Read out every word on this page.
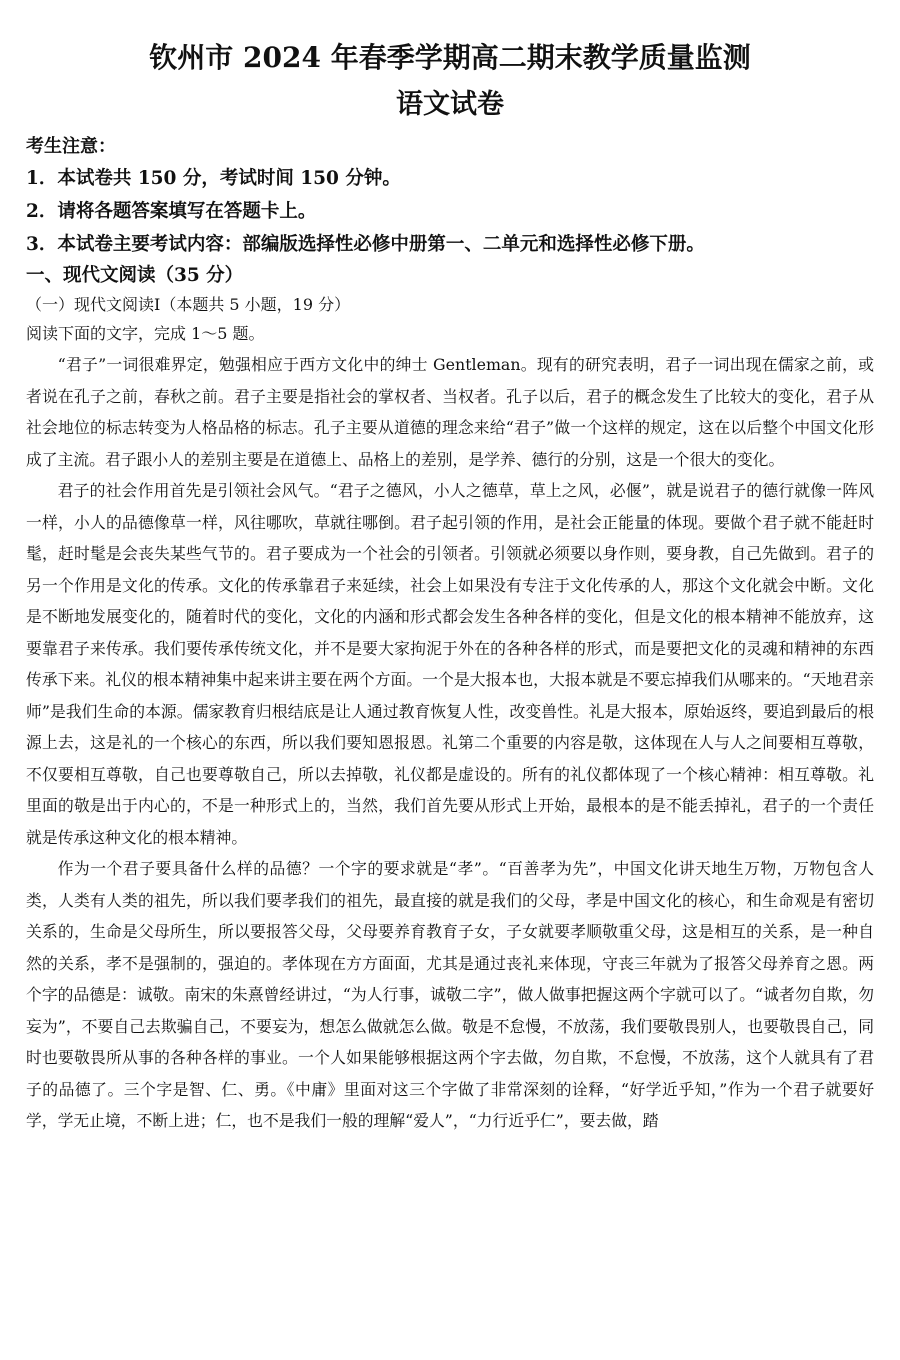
钦州市 2024 年春季学期高二期末教学质量监测
语文试卷
考生注意：
1．本试卷共 150 分，考试时间 150 分钟。
2．请将各题答案填写在答题卡上。
3．本试卷主要考试内容：部编版选择性必修中册第一、二单元和选择性必修下册。
一、现代文阅读（35 分）
（一）现代文阅读Ⅰ（本题共 5 小题，19 分）
阅读下面的文字，完成 1～5 题。

“君子”一词很难界定，勉强相应于西方文化中的绅士 Gentleman。现有的研究表明，君子一词出现在儒家之前，或者说在孔子之前，春秋之前。君子主要是指社会的掌权者、当权者。孔子以后，君子的概念发生了比较大的变化，君子从社会地位的标志转变为人格品格的标志。孔子主要从道德的理念来给“君子”做一个这样的规定，这在以后整个中国文化形成了主流。君子跟小人的差别主要是在道德上、品格上的差别，是学养、德行的分别，这是一个很大的变化。

君子的社会作用首先是引领社会风气。“君子之德风，小人之德草，草上之风，必偃”，就是说君子的德行就像一阵风一样，小人的品德像草一样，风往哪吹，草就往哪倒。君子起引领的作用，是社会正能量的体现。要做个君子就不能赶时髦，赶时髦是会丧失某些气节的。君子要成为一个社会的引领者。引领就必须要以身作则，要身教，自己先做到。君子的另一个作用是文化的传承。文化的传承靠君子来延续，社会上如果没有专注于文化传承的人，那这个文化就会中断。文化是不断地发展变化的，随着时代的变化，文化的内涵和形式都会发生各种各样的变化，但是文化的根本精神不能放弃，这要靠君子来传承。我们要传承传统文化，并不是要大家拘泥于外在的各种各样的形式，而是要把文化的灵魂和精神的东西传承下来。礼仪的根本精神集中起来讲主要在两个方面。一个是大报本也，大报本就是不要忘掉我们从哪来的。“天地君亲师”是我们生命的本源。儒家教育归根结底是让人通过教育恢复人性，改变兽性。礼是大报本，原始返终，要追到最后的根源上去，这是礼的一个核心的东西，所以我们要知恩报恩。礼第二个重要的内容是敬，这体现在人与人之间要相互尊敬，不仅要相互尊敬，自己也要尊敬自己，所以去掉敬，礼仪都是虚设的。所有的礼仪都体现了一个核心精神：相互尊敬。礼里面的敬是出于内心的，不是一种形式上的，当然，我们首先要从形式上开始，最根本的是不能丢掉礼，君子的一个责任就是传承这种文化的根本精神。

作为一个君子要具备什么样的品德？一个字的要求就是“孝”。“百善孝为先”，中国文化讲天地生万物，万物包含人类，人类有人类的祖先，所以我们要孝我们的祖先，最直接的就是我们的父母，孝是中国文化的核心，和生命观是有密切关系的，生命是父母所生，所以要报答父母，父母要养育教育子女，子女就要孝顺敬重父母，这是相互的关系，是一种自然的关系，孝不是强制的，强迫的。孝体现在方方面面，尤其是通过丧礼来体现，守丧三年就为了报答父母养育之恩。两个字的品德是：诚敬。南宋的朱熹曾经讲过，“为人行事，诚敬二字”，做人做事把握这两个字就可以了。“诚者勿自欺，勿妄为”，不要自己去欺骗自己，不要妄为，想怎么做就怎么做。敬是不怠慢，不放荡，我们要敬畏别人，也要敬畏自己，同时也要敬畏所从事的各种各样的事业。一个人如果能够根据这两个字去做，勿自欺，不怠慢，不放荡，这个人就具有了君子的品德了。三个字是智、仁、勇。《中庸》里面对这三个字做了非常深刻的诠释，“好学近乎知，”作为一个君子就要好学，学无止境，不断上进；仁，也不是我们一般的理解“爱人”，“力行近乎仁”，要去做，踏
